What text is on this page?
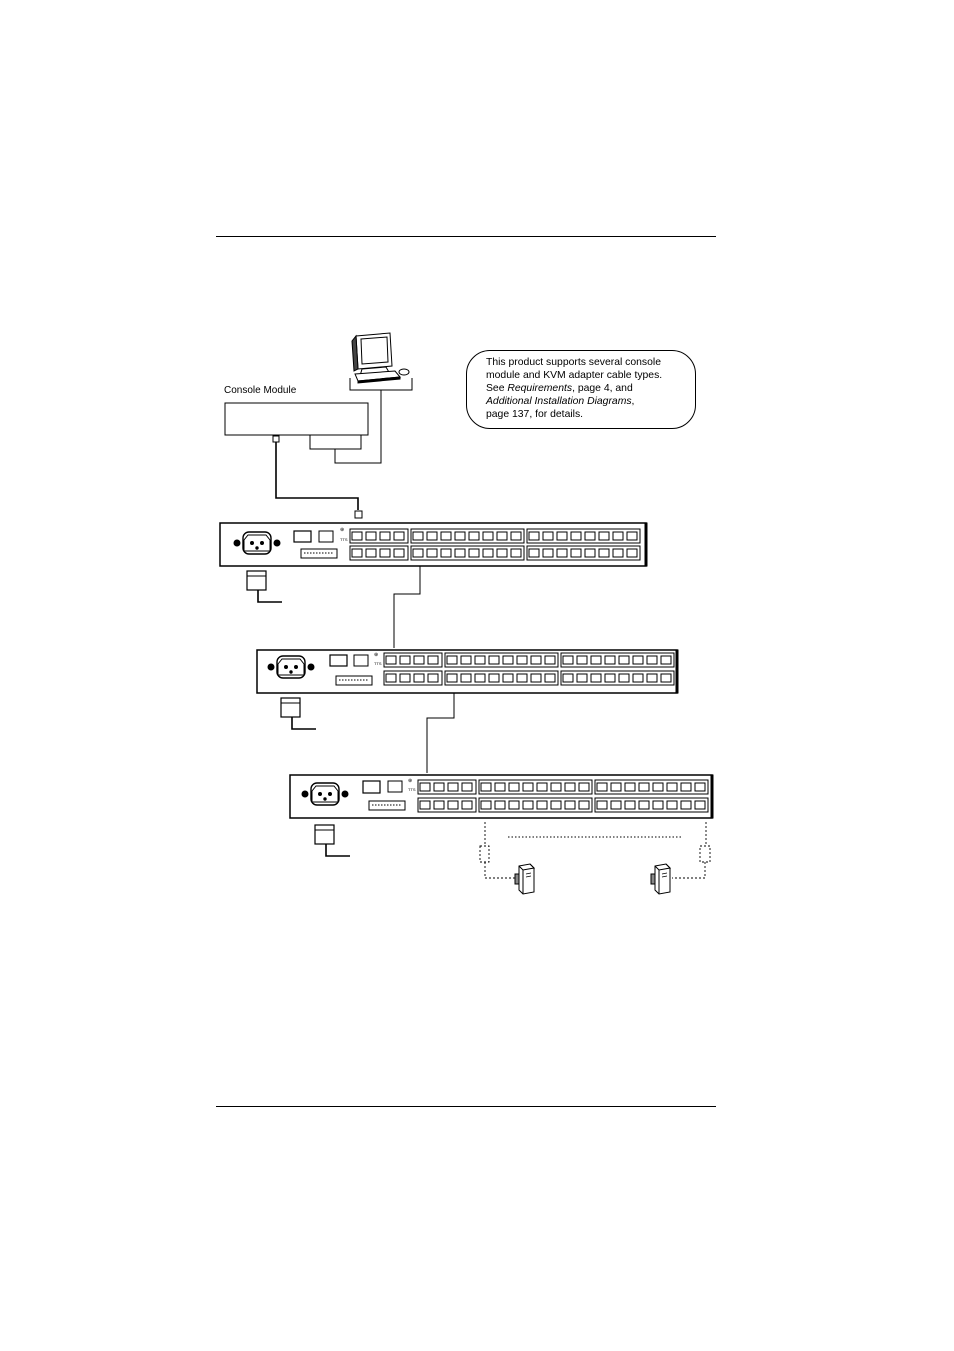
⊕
TTS
⊕
TTS
⊕
TTS
Console Module
This product supports several console
module and KVM adapter cable types.
See Requirements, page 4, and
Additional Installation Diagrams,
page 137, for details.
